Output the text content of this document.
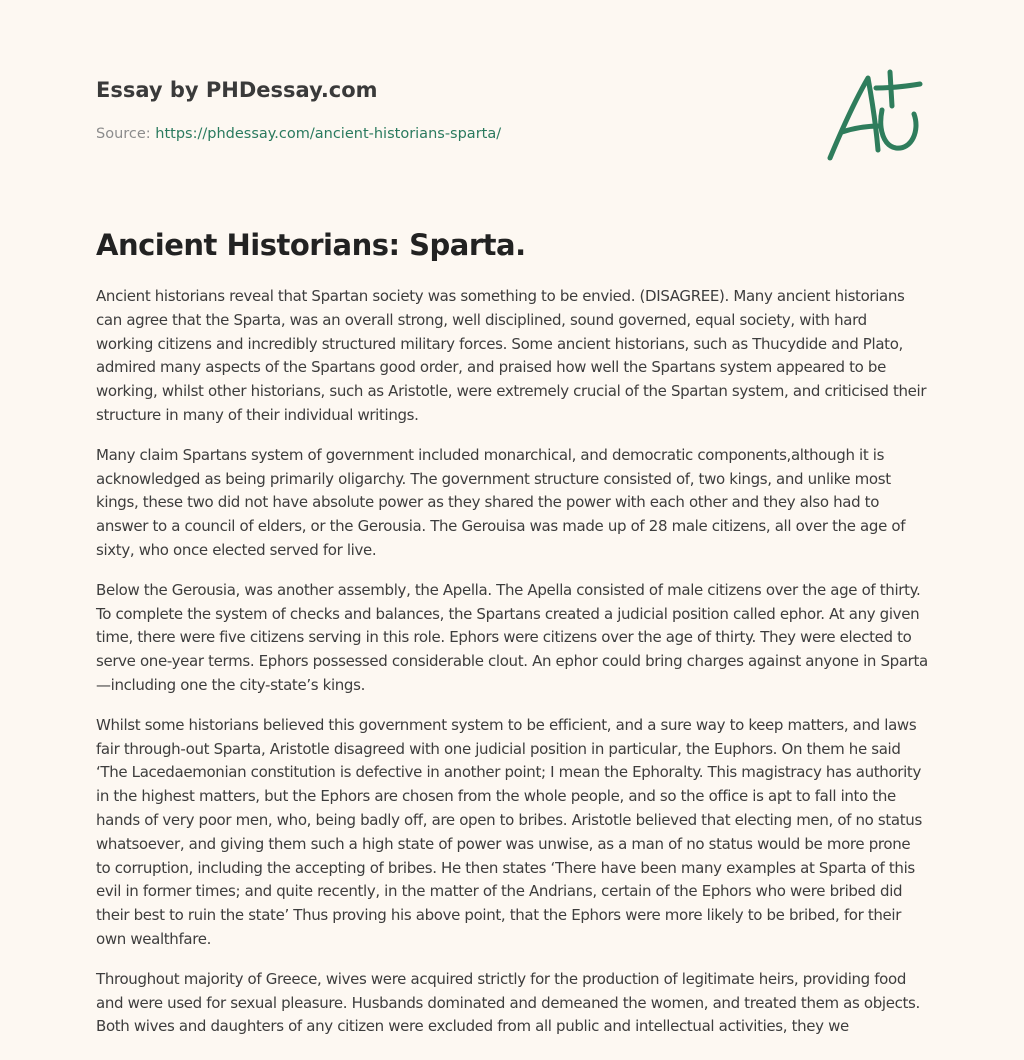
Essay by PHDessay.com
Source: https://phdessay.com/ancient-historians-sparta/
Ancient Historians: Sparta.

Ancient historians reveal that Spartan society was something to be envied. (DISAGREE). Many ancient historians can agree that the Sparta, was an overall strong, well disciplined, sound governed, equal society, with hard working citizens and incredibly structured military forces. Some ancient historians, such as Thucydide and Plato, admired many aspects of the Spartans good order, and praised how well the Spartans system appeared to be working, whilst other historians, such as Aristotle, were extremely crucial of the Spartan system, and criticised their structure in many of their individual writings.

Many claim Spartans system of government included monarchical, and democratic components,although it is acknowledged as being primarily oligarchy. The government structure consisted of, two kings, and unlike most kings, these two did not have absolute power as they shared the power with each other and they also had to answer to a council of elders, or the Gerousia. The Gerouisa was made up of 28 male citizens, all over the age of sixty, who once elected served for live.

Below the Gerousia, was another assembly, the Apella. The Apella consisted of male citizens over the age of thirty. To complete the system of checks and balances, the Spartans created a judicial position called ephor. At any given time, there were five citizens serving in this role. Ephors were citizens over the age of thirty. They were elected to serve one-year terms. Ephors possessed considerable clout. An ephor could bring charges against anyone in Sparta—including one the city-state’s kings.

Whilst some historians believed this government system to be efficient, and a sure way to keep matters, and laws fair through-out Sparta, Aristotle disagreed with one judicial position in particular, the Euphors. On them he said ‘The Lacedaemonian constitution is defective in another point; I mean the Ephoralty. This magistracy has authority in the highest matters, but the Ephors are chosen from the whole people, and so the office is apt to fall into the hands of very poor men, who, being badly off, are open to bribes. Aristotle believed that electing men, of no status whatsoever, and giving them such a high state of power was unwise, as a man of no status would be more prone to corruption, including the accepting of bribes. He then states ‘There have been many examples at Sparta of this evil in former times; and quite recently, in the matter of the Andrians, certain of the Ephors who were bribed did their best to ruin the state’ Thus proving his above point, that the Ephors were more likely to be bribed, for their own wealthfare.

Throughout majority of Greece, wives were acquired strictly for the production of legitimate heirs, providing food and were used for sexual pleasure. Husbands dominated and demeaned the women, and treated them as objects. Both wives and daughters of any citizen were excluded from all public and intellectual activities, they we
